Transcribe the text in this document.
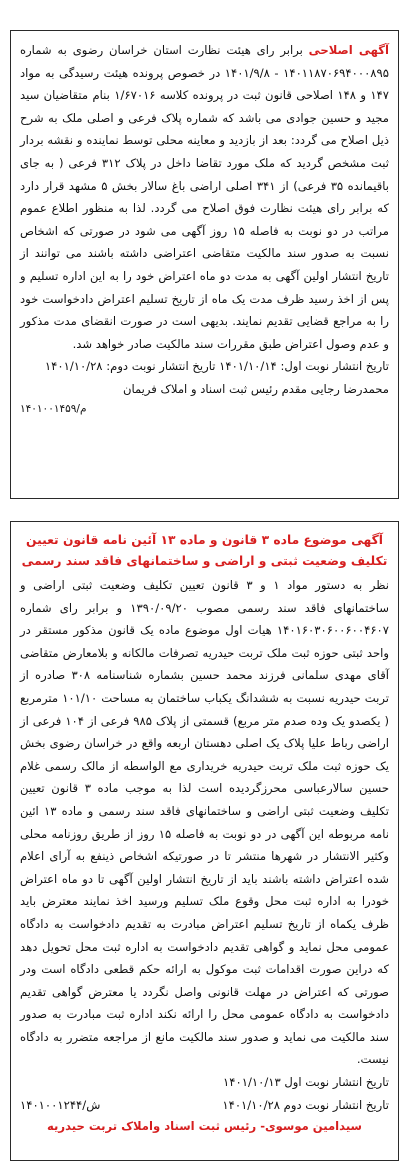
آگهی اصلاحی برابر رای هیئت نظارت استان خراسان رضوی به شماره ۱۴۰۱۱۸۷۰۶۹۴۰۰۰۸۹۵ - ۱۴۰۱/۹/۸ در خصوص پرونده هیئت رسیدگی به مواد ۱۴۷ و ۱۴۸ اصلاحی قانون ثبت در پرونده کلاسه ۱/۶۷۰۱۶ بنام متقاضیان سید مجید و حسین جوادی می باشد که شماره پلاک فرعی و اصلی ملک به شرح ذیل اصلاح می گردد: بعد از بازدید و معاینه محلی توسط نماینده و نقشه بردار ثبت مشخص گردید که ملک مورد تقاضا داخل در پلاک ۳۱۲ فرعی ( به جای باقیمانده ۳۵ فرعی) از ۳۴۱ اصلی اراضی باغ سالار بخش ۵ مشهد قرار دارد که برابر رای هیئت نظارت فوق اصلاح می گردد. لذا به منظور اطلاع عموم مراتب در دو نوبت به فاصله ۱۵ روز آگهی می شود در صورتی که اشخاص نسبت به صدور سند مالکیت متقاضی اعتراضی داشته باشند می توانند از تاریخ انتشار اولین آگهی به مدت دو ماه اعتراض خود را به این اداره تسلیم و پس از اخذ رسید ظرف مدت یک ماه از تاریخ تسلیم اعتراض دادخواست خود را به مراجع قضایی تقدیم نمایند. بدیهی است در صورت انقضای مدت مذکور و عدم وصول اعتراض طبق مقررات سند مالکیت صادر خواهد شد.

تاریخ انتشار نوبت اول: ۱۴۰۱/۱۰/۱۴ تاریخ انتشار نوبت دوم: ۱۴۰۱/۱۰/۲۸

محمدرضا رجایی مقدم رئیس ثبت اسناد و املاک فریمان

م/۱۴۰۱۰۰۱۴۵۹

آگهی موضوع ماده ۳ قانون و ماده ۱۳ آئین نامه قانون تعیین تکلیف وضعیت ثبتی و اراضی و ساختمانهای فاقد سند رسمی

نظر به دستور مواد ۱ و ۳ قانون تعیین تکلیف وضعیت ثبتی اراضی و ساختمانهای فاقد سند رسمی مصوب ۱۳۹۰/۰۹/۲۰ و برابر رای شماره ۱۴۰۱۶۰۳۰۶۰۰۶۰۰۴۶۰۷ هیات اول موضوع ماده یک قانون مذکور مستقر در واحد ثبتی حوزه ثبت ملک تربت حیدریه تصرفات مالکانه و بلامعارض متقاضی آقای مهدی سلمانی فرزند محمد حسین بشماره شناسنامه ۳۰۸ صادره از تربت حیدریه نسبت به ششدانگ یکباب ساختمان به مساحت ۱۰۱/۱۰ مترمربع ( یکصدو یک وده صدم متر مربع) قسمتی از پلاک ۹۸۵ فرعی از ۱۰۴ فرعی از اراضی رباط علیا پلاک یک اصلی دهستان اربعه واقع در خراسان رضوی بخش یک حوزه ثبت ملک تربت حیدریه خریداری مع الواسطه از مالک رسمی غلام حسین سالارعباسی محرزگردیده است لذا به موجب ماده ۳ قانون تعیین تکلیف وضعیت ثبتی اراضی و ساختمانهای فاقد سند رسمی و ماده ۱۳ ائین نامه مربوطه این آگهی در دو نوبت به فاصله ۱۵ روز از طریق روزنامه محلی وکثیر الانتشار در شهرها منتشر تا در صورتیکه اشخاص ذینفع به آرای اعلام شده اعتراض داشته باشند باید از تاریخ انتشار اولین آگهی تا دو ماه اعتراض خودرا به اداره ثبت محل وقوع ملک تسلیم ورسید اخذ نمایند معترض باید ظرف یکماه از تاریخ تسلیم اعتراض مبادرت به تقدیم دادخواست به دادگاه عمومی محل نماید و گواهی تقدیم دادخواست به اداره ثبت محل تحویل دهد که دراین صورت اقدامات ثبت موکول به ارائه حکم قطعی دادگاه است ودر صورتی که اعتراض در مهلت قانونی واصل نگردد یا معترض گواهی تقدیم دادخواست به دادگاه عمومی محل را ارائه نکند اداره ثبت مبادرت به صدور سند مالکیت می نماید و صدور سند مالکیت مانع از مراجعه متضرر به دادگاه نیست.

تاریخ انتشار نوبت اول ۱۴۰۱/۱۰/۱۳

تاریخ انتشار نوبت دوم ۱۴۰۱/۱۰/۲۸
۱۴۰۱۰۰۱۲۴۴/ش

سیدامین موسوی- رئیس ثبت اسناد واملاک تربت حیدریه
